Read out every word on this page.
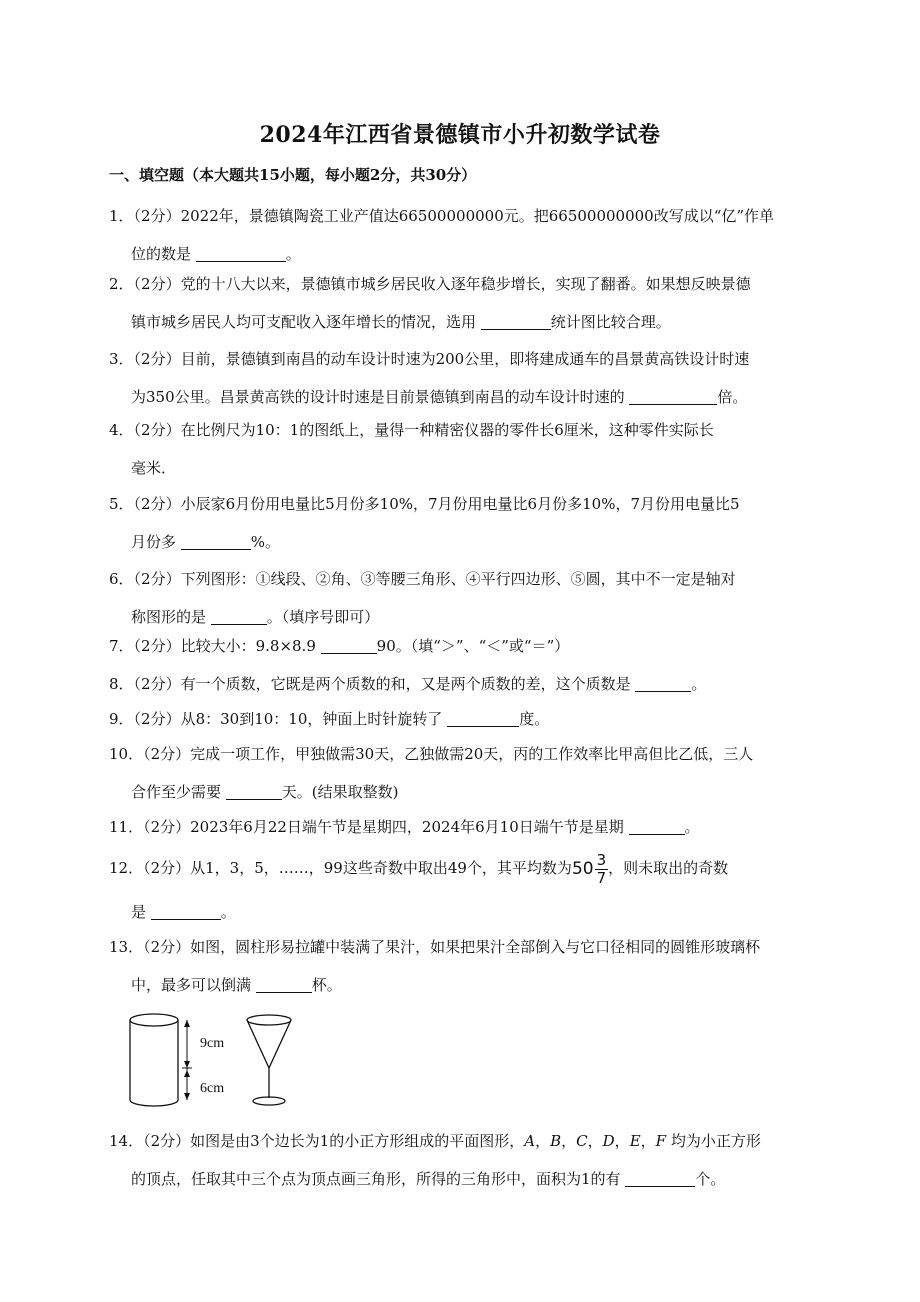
2024年江西省景德镇市小升初数学试卷
一、填空题（本大题共15小题，每小题2分，共30分）
1．（2分）2022年，景德镇陶瓷工业产值达66500000000元。把66500000000改写成以“亿”作单
位的数是	。
2．（2分）党的十八大以来，景德镇市城乡居民收入逐年稳步增长，实现了翻番。如果想反映景德
镇市城乡居民人均可支配收入逐年增长的情况，选用	统计图比较合理。
3．（2分）目前，景德镇到南昌的动车设计时速为200公里，即将建成通车的昌景黄高铁设计时速
为350公里。昌景黄高铁的设计时速是目前景德镇到南昌的动车设计时速的	倍。
4．（2分）在比例尺为10：1的图纸上，量得一种精密仪器的零件长6厘米，这种零件实际长
毫米．
5．（2分）小辰家6月份用电量比5月份多10%，7月份用电量比6月份多10%，7月份用电量比5
月份多	%。
6．（2分）下列图形：①线段、②角、③等腰三角形、④平行四边形、⑤圆，其中不一定是轴对
称图形的是	。（填序号即可）
7．（2分）比较大小：9.8×8.9	90。（填“＞”、“＜”或“＝”）
8．（2分）有一个质数，它既是两个质数的和，又是两个质数的差，这个质数是	。
9．（2分）从8：30到10：10，钟面上时针旋转了	度。
10．（2分）完成一项工作，甲独做需30天，乙独做需20天，丙的工作效率比甲高但比乙低，三人
合作至少需要	天。(结果取整数)
11．（2分）2023年6月22日端午节是星期四，2024年6月10日端午节是星期	。
12．（2分）从1，3，5，……，99这些奇数中取出49个，其平均数为 $50 \frac{3}{7}$ ，则未取出的奇数
是	。
13．（2分）如图，圆柱形易拉罐中装满了果汁，如果把果汁全部倒入与它口径相同的圆锥形玻璃杯
中，最多可以倒满	杯。
9cm
6cm
14．（2分）如图是由3个边长为1的小正方形组成的平面图形，A，B，C，D，E，F 均为小正方形
的顶点，任取其中三个点为顶点画三角形，所得的三角形中，面积为1的有	个。
